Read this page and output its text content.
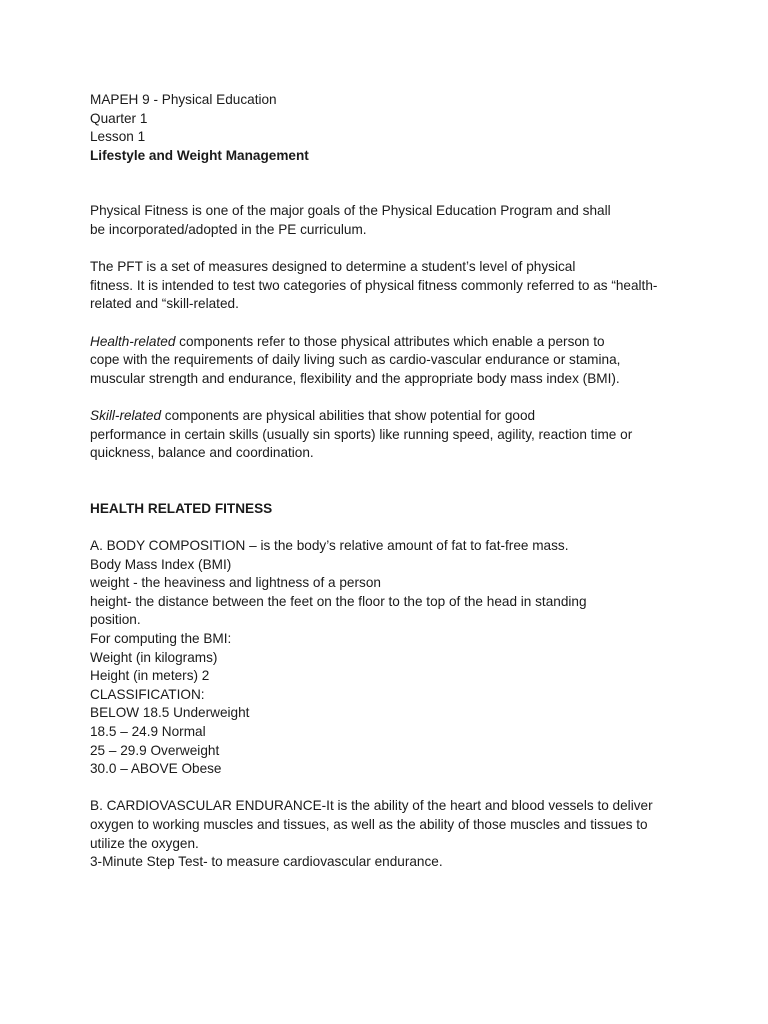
MAPEH 9 - Physical Education
Quarter 1
Lesson 1
Lifestyle and Weight Management
Physical Fitness is one of the major goals of the Physical Education Program and shall
be incorporated/adopted in the PE curriculum.
The PFT is a set of measures designed to determine a student’s level of physical
fitness. It is intended to test two categories of physical fitness commonly referred to as “health-
related and “skill-related.
Health-related components refer to those physical attributes which enable a person to
cope with the requirements of daily living such as cardio-vascular endurance or stamina,
muscular strength and endurance, flexibility and the appropriate body mass index (BMI).
Skill-related components are physical abilities that show potential for good
performance in certain skills (usually sin sports) like running speed, agility, reaction time or
quickness, balance and coordination.
HEALTH RELATED FITNESS
A. BODY COMPOSITION – is the body’s relative amount of fat to fat-free mass.
Body Mass Index (BMI)
weight - the heaviness and lightness of a person
height- the distance between the feet on the floor to the top of the head in standing
position.
For computing the BMI:
Weight (in kilograms)
Height (in meters) 2
CLASSIFICATION:
BELOW 18.5 Underweight
18.5 – 24.9 Normal
25 – 29.9 Overweight
30.0 – ABOVE Obese
B. CARDIOVASCULAR ENDURANCE-It is the ability of the heart and blood vessels to deliver
oxygen to working muscles and tissues, as well as the ability of those muscles and tissues to
utilize the oxygen.
3-Minute Step Test- to measure cardiovascular endurance.
